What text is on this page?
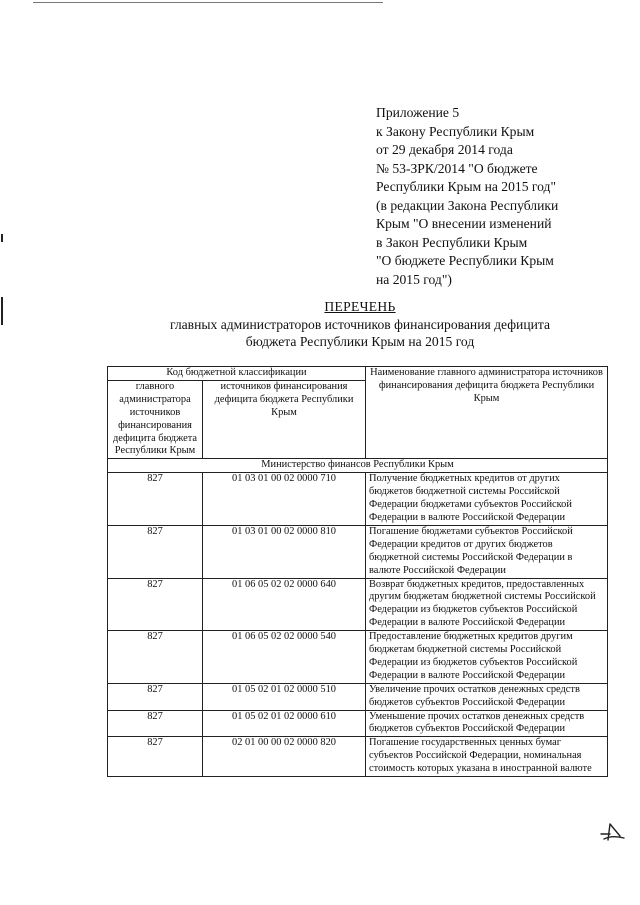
Приложение 5
к Закону Республики Крым
от 29 декабря 2014 года
№ 53-ЗРК/2014 "О бюджете
Республики Крым на 2015 год"
(в редакции Закона Республики
Крым "О внесении изменений
в Закон Республики Крым
"О бюджете Республики Крым
на 2015 год")
ПЕРЕЧЕНЬ
главных администраторов источников финансирования дефицита
бюджета Республики Крым на 2015 год
Код бюджетной классификации		Наименование главного администратора источников финансирования дефицита бюджета Республики Крым
главного администратора источников финансирования дефицита бюджета Республики Крым	источников финансирования дефицита бюджета Республики Крым	
Министерство финансов Республики Крым		
827	01 03 01 00 02 0000 710	Получение бюджетных кредитов от других бюджетов бюджетной системы Российской Федерации бюджетами субъектов Российской Федерации в валюте Российской Федерации
827	01 03 01 00 02 0000 810	Погашение бюджетами субъектов Российской Федерации кредитов от других бюджетов бюджетной системы Российской Федерации в валюте Российской Федерации
827	01 06 05 02 02 0000 640	Возврат бюджетных кредитов, предоставленных другим бюджетам бюджетной системы Российской Федерации из бюджетов субъектов Российской Федерации в валюте Российской Федерации
827	01 06 05 02 02 0000 540	Предоставление бюджетных кредитов другим бюджетам бюджетной системы Российской Федерации из бюджетов субъектов Российской Федерации в валюте Российской Федерации
827	01 05 02 01 02 0000 510	Увеличение прочих остатков денежных средств бюджетов субъектов Российской Федерации
827	01 05 02 01 02 0000 610	Уменьшение прочих остатков денежных средств бюджетов субъектов Российской Федерации
827	02 01 00 00 02 0000 820	Погашение государственных ценных бумаг субъектов Российской Федерации, номинальная стоимость которых указана в иностранной валюте
